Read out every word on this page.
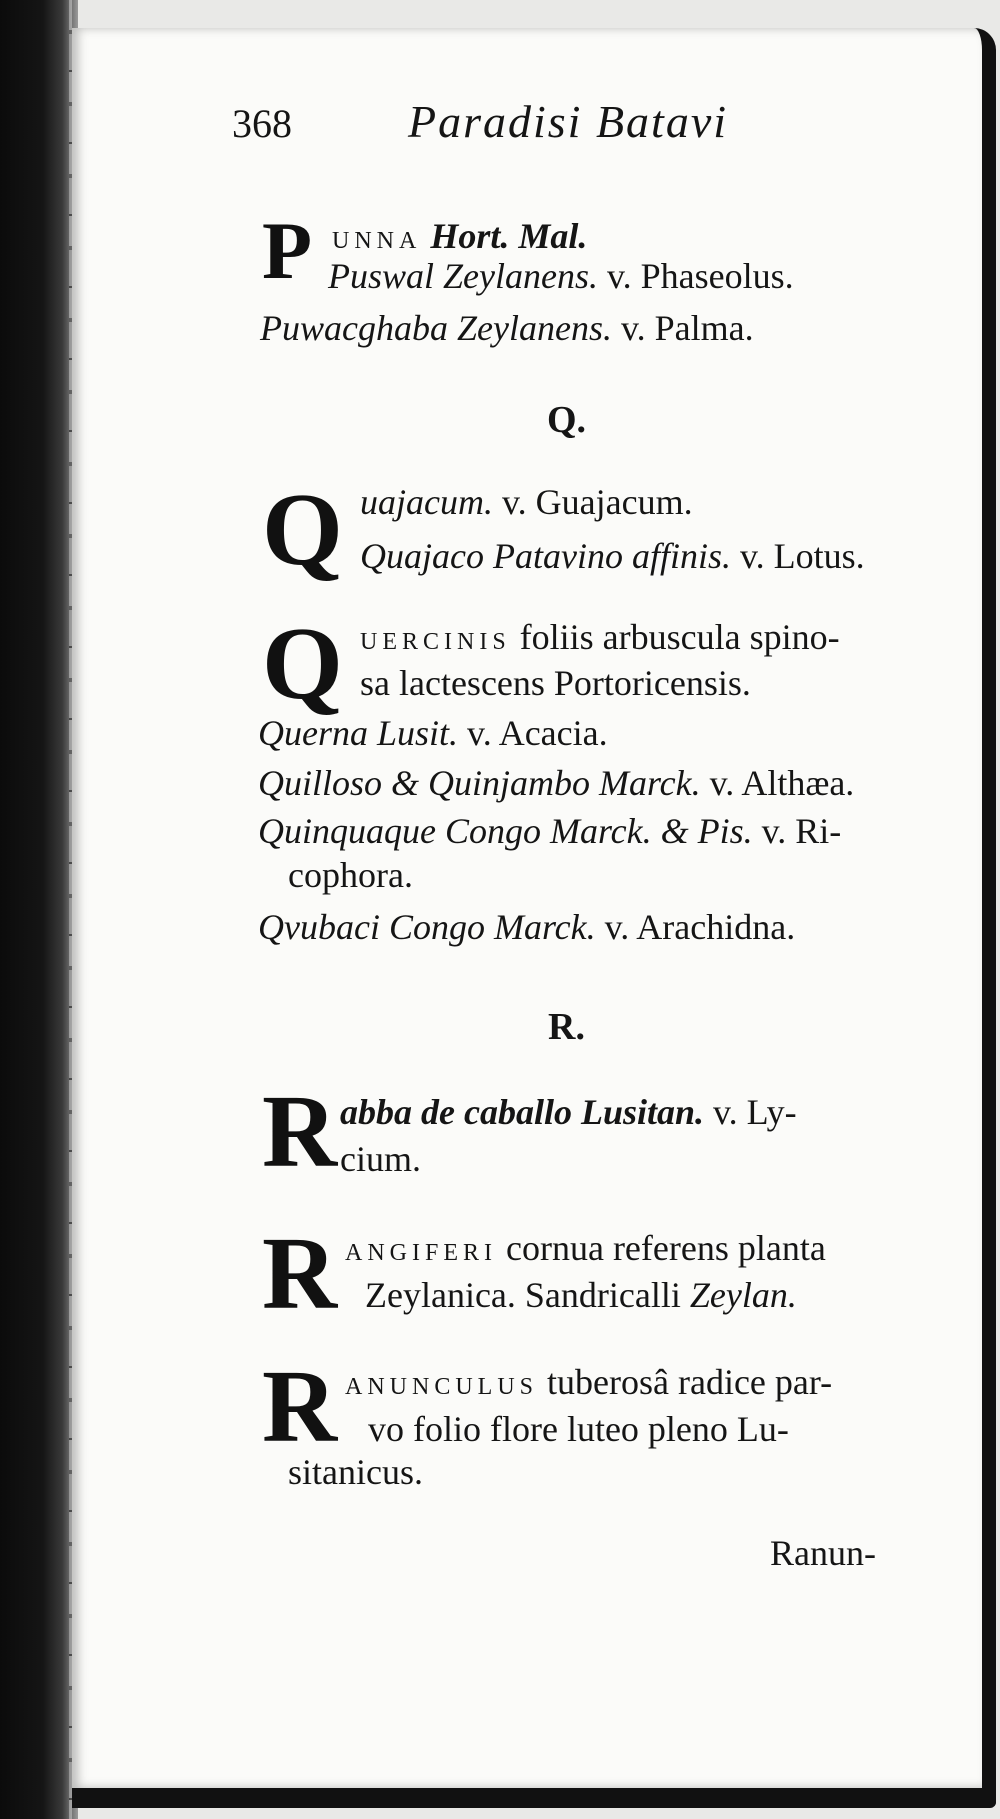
368	Paradisi Batavi
P UNNA Hort. Mal.
Puswal Zeylanens. v. Phaseolus.
Puwacghaba Zeylanens. v. Palma.
Q.
Q uajacum. v. Guajacum.
Quajaco Patavino affinis. v. Lotus.
Q UERCINIS foliis arbuscula spino-
sa lactescens Portoricensis.
Querna Lusit. v. Acacia.
Quilloso & Quinjambo Marck. v. Althæa.
Quinquaque Congo Marck. & Pis. v. Ri-
cophora.
Qvubaci Congo Marck. v. Arachidna.
R.
R abba de caballo Lusitan. v. Ly-
cium.
R ANGIFERI cornua referens planta
Zeylanica. Sandricalli Zeylan.
R ANUNCULUS tuberosâ radice par-
vo folio flore luteo pleno Lu-
sitanicus.
Ranun-
